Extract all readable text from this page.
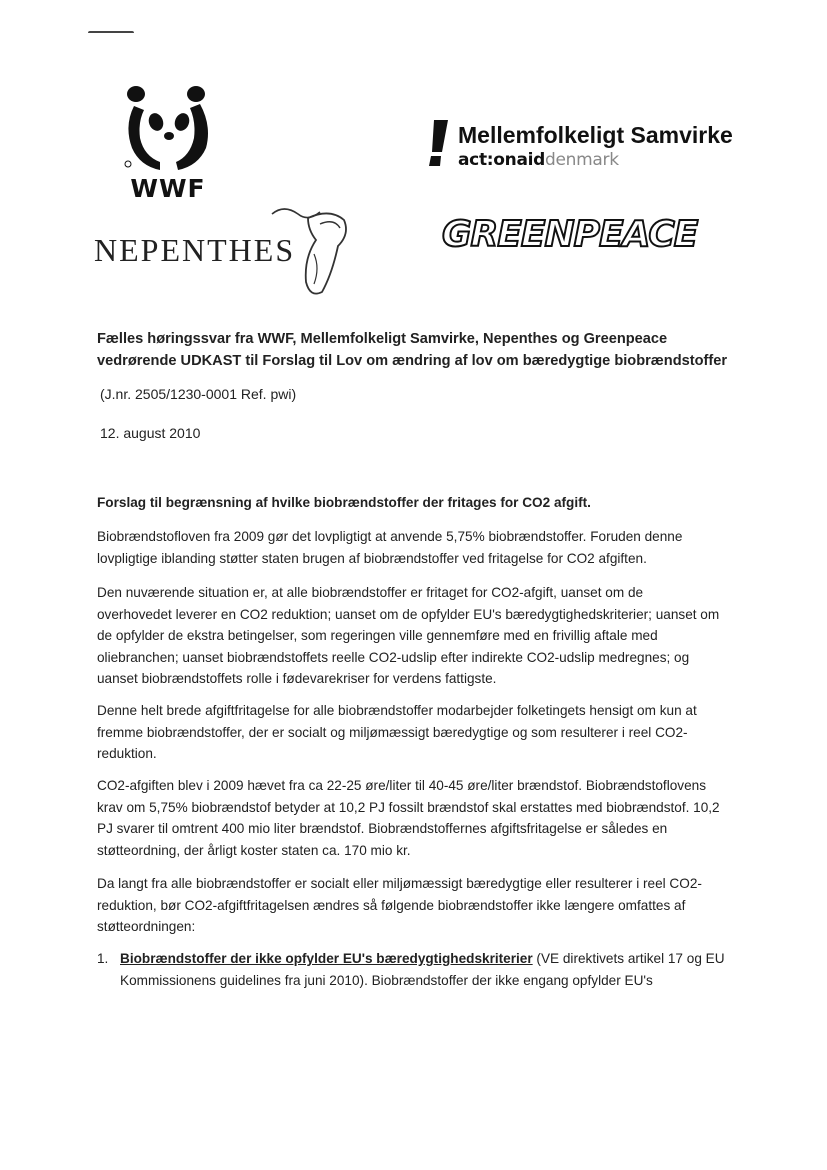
WWF
Mellemfolkeligt Samvirke
act:onaiddenmark
NEPENTHES	GREENPEACE
Fælles høringssvar fra WWF, Mellemfolkeligt Samvirke, Nepenthes og Greenpeace
vedrørende UDKAST til Forslag til Lov om ændring af lov om bæredygtige biobrændstoffer
(J.nr. 2505/1230-0001 Ref. pwi)
12. august 2010
Forslag til begrænsning af hvilke biobrændstoffer der fritages for CO2 afgift.
Biobrændstofloven fra 2009 gør det lovpligtigt at anvende 5,75% biobrændstoffer. Foruden denne
lovpligtige iblanding støtter staten brugen af biobrændstoffer ved fritagelse for CO2 afgiften.
Den nuværende situation er, at alle biobrændstoffer er fritaget for CO2-afgift, uanset om de
overhovedet leverer en CO2 reduktion; uanset om de opfylder EU's bæredygtighedskriterier; uanset om
de opfylder de ekstra betingelser, som regeringen ville gennemføre med en frivillig aftale med
oliebranchen; uanset biobrændstoffets reelle CO2-udslip efter indirekte CO2-udslip medregnes; og
uanset biobrændstoffets rolle i fødevarekriser for verdens fattigste.
Denne helt brede afgiftfritagelse for alle biobrændstoffer modarbejder folketingets hensigt om kun at
fremme biobrændstoffer, der er socialt og miljømæssigt bæredygtige og som resulterer i reel CO2-
reduktion.
CO2-afgiften blev i 2009 hævet fra ca 22-25 øre/liter til 40-45 øre/liter brændstof. Biobrændstoflovens
krav om 5,75% biobrændstof betyder at 10,2 PJ fossilt brændstof skal erstattes med biobrændstof. 10,2
PJ svarer til omtrent 400 mio liter brændstof. Biobrændstoffernes afgiftsfritagelse er således en
støtteordning, der årligt koster staten ca. 170 mio kr.
Da langt fra alle biobrændstoffer er socialt eller miljømæssigt bæredygtige eller resulterer i reel CO2-
reduktion, bør CO2-afgiftfritagelsen ændres så følgende biobrændstoffer ikke længere omfattes af
støtteordningen:
1. Biobrændstoffer der ikke opfylder EU's bæredygtighedskriterier (VE direktivets artikel 17 og EU
Kommissionens guidelines fra juni 2010). Biobrændstoffer der ikke engang opfylder EU's
